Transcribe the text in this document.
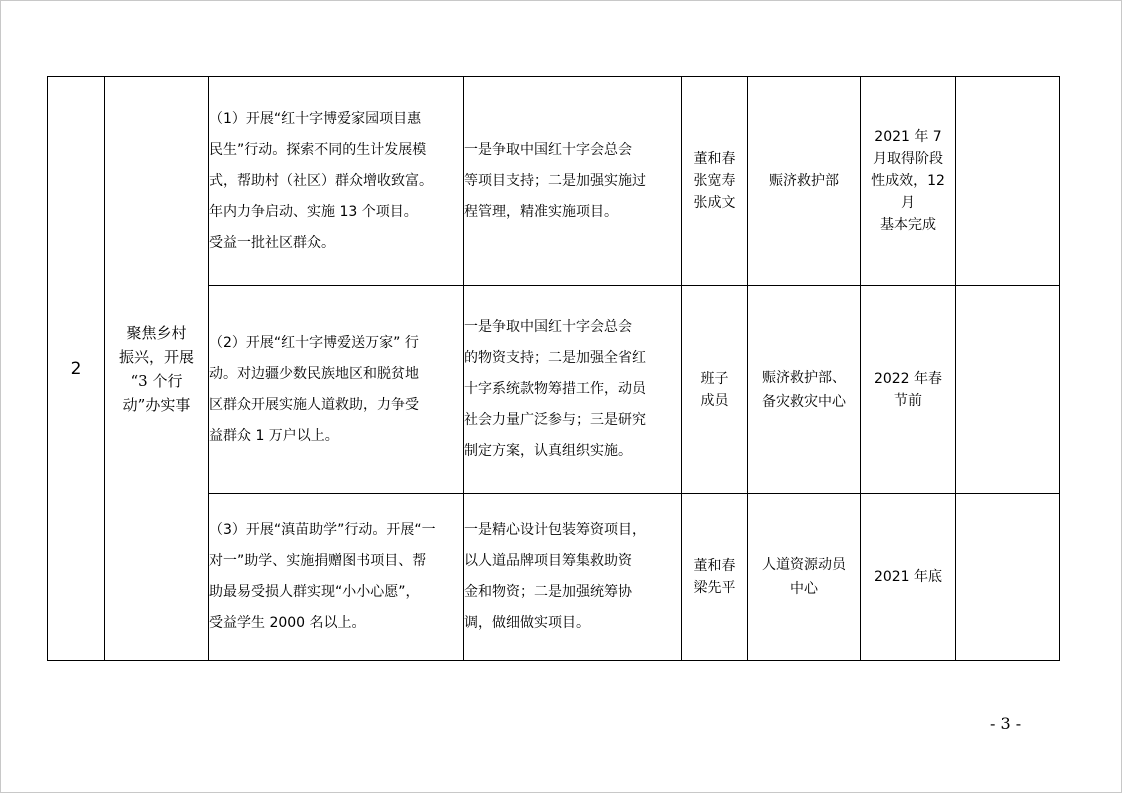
2	聚焦乡村
振兴，开展
“3 个行
动”办实事	（1）开展“红十字博爱家园项目惠
民生”行动。探索不同的生计发展模
式，帮助村（社区）群众增收致富。
年内力争启动、实施 13 个项目。
受益一批社区群众。	一是争取中国红十字会总会
等项目支持；二是加强实施过
程管理，精准实施项目。	董和春
张宽寿
张成文	赈济救护部	2021 年 7
月取得阶段
性成效，12
月
基本完成	

		（2）开展“红十字博爱送万家” 行
动。对边疆少数民族地区和脱贫地
区群众开展实施人道救助，力争受
益群众 1 万户以上。	一是争取中国红十字会总会
的物资支持；二是加强全省红
十字系统款物筹措工作，动员
社会力量广泛参与；三是研究
制定方案，认真组织实施。	班子
成员	赈济救护部、
备灾救灾中心	2022 年春
节前	

		（3）开展“滇苗助学”行动。开展“一
对一”助学、实施捐赠图书项目、帮
助最易受损人群实现“小小心愿”，
受益学生 2000 名以上。	一是精心设计包装筹资项目，
以人道品牌项目筹集救助资
金和物资；二是加强统筹协
调，做细做实项目。	董和春
梁先平	人道资源动员
中心	2021 年底	

- 3 -
